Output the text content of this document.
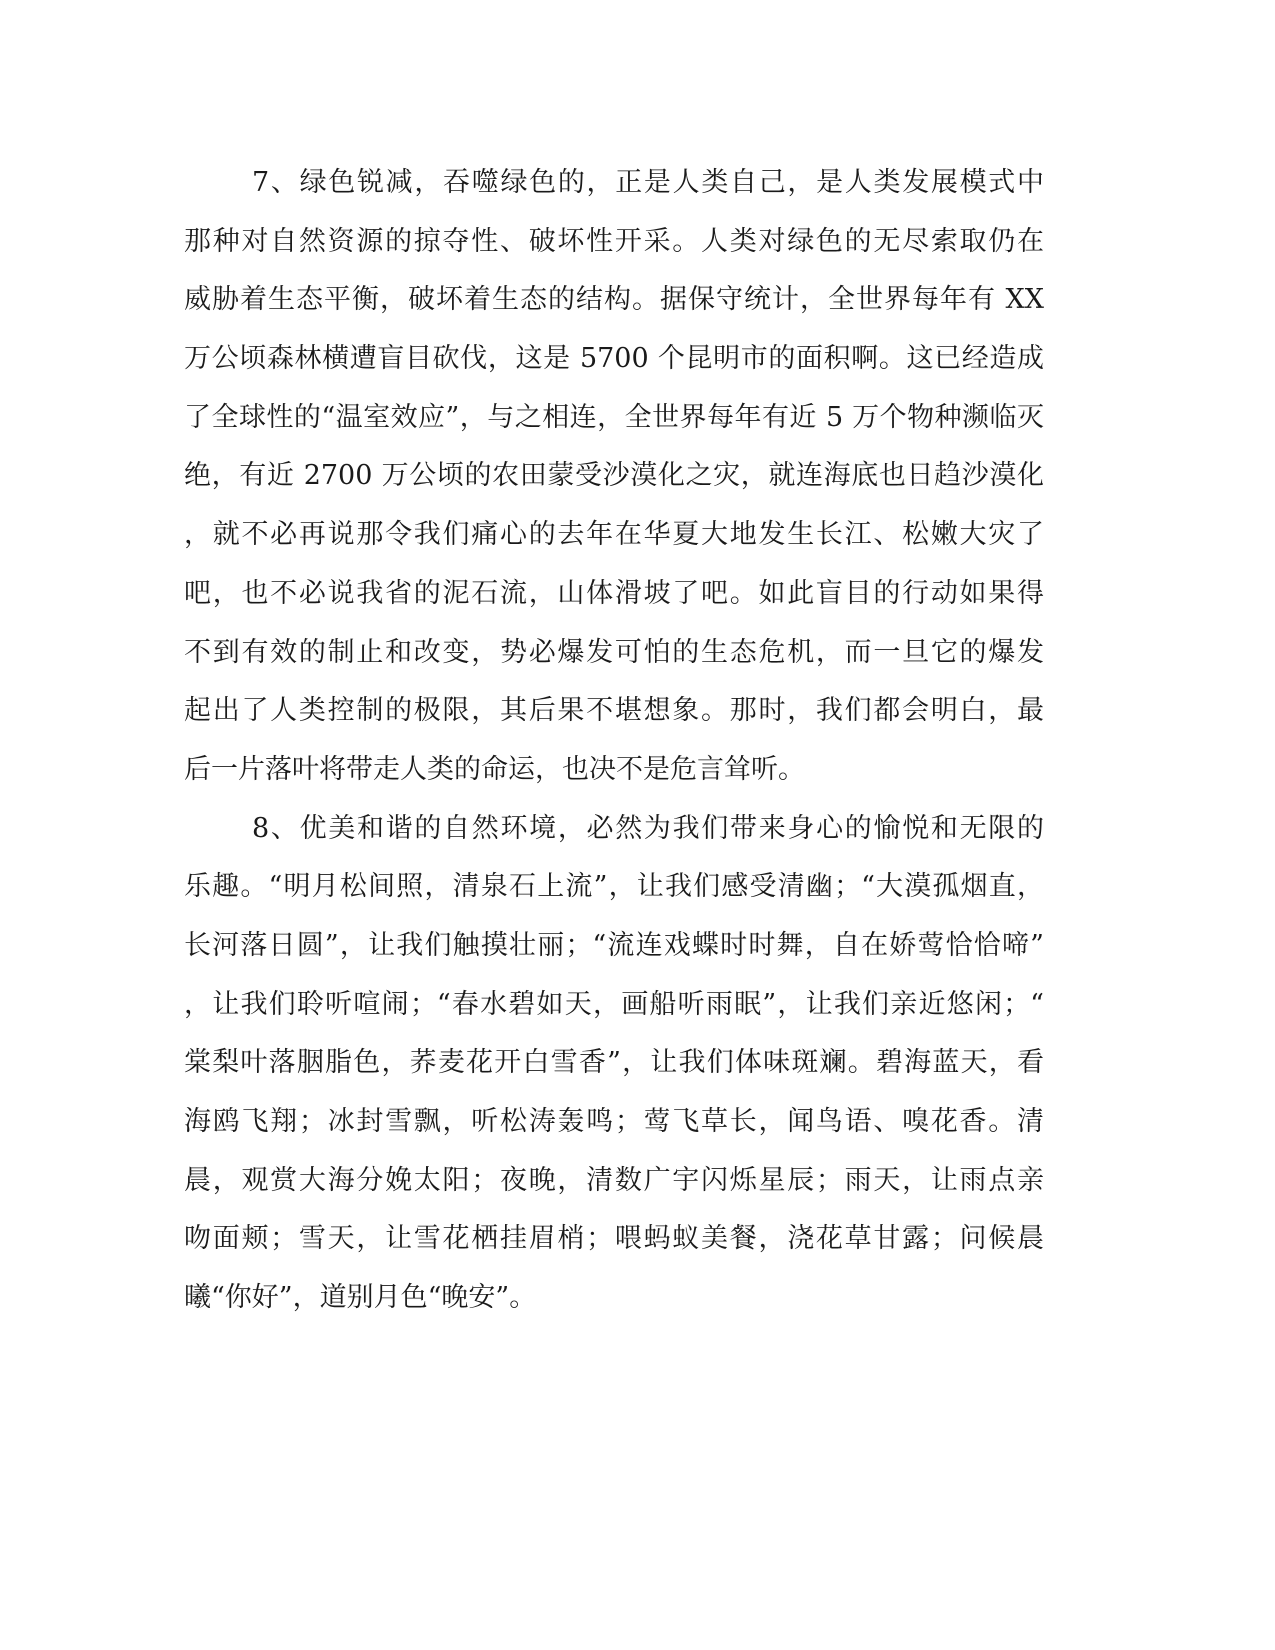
7、绿色锐减，吞噬绿色的，正是人类自己，是人类发展模式中
那种对自然资源的掠夺性、破坏性开采。人类对绿色的无尽索取仍在
威胁着生态平衡，破坏着生态的结构。据保守统计，全世界每年有 XX
万公顷森林横遭盲目砍伐，这是 5700 个昆明市的面积啊。这已经造成
了全球性的“温室效应”，与之相连，全世界每年有近 5 万个物种濒临灭
绝，有近 2700 万公顷的农田蒙受沙漠化之灾，就连海底也日趋沙漠化
，就不必再说那令我们痛心的去年在华夏大地发生长江、松嫩大灾了
吧，也不必说我省的泥石流，山体滑坡了吧。如此盲目的行动如果得
不到有效的制止和改变，势必爆发可怕的生态危机，而一旦它的爆发
起出了人类控制的极限，其后果不堪想象。那时，我们都会明白，最
后一片落叶将带走人类的命运，也决不是危言耸听。
8、优美和谐的自然环境，必然为我们带来身心的愉悦和无限的
乐趣。“明月松间照，清泉石上流”，让我们感受清幽；“大漠孤烟直，
长河落日圆”，让我们触摸壮丽；“流连戏蝶时时舞，自在娇莺恰恰啼”
，让我们聆听喧闹；“春水碧如天，画船听雨眠”，让我们亲近悠闲；“
棠梨叶落胭脂色，荞麦花开白雪香”，让我们体味斑斓。碧海蓝天，看
海鸥飞翔；冰封雪飘，听松涛轰鸣；莺飞草长，闻鸟语、嗅花香。清
晨，观赏大海分娩太阳；夜晚，清数广宇闪烁星辰；雨天，让雨点亲
吻面颊；雪天，让雪花栖挂眉梢；喂蚂蚁美餐，浇花草甘露；问候晨
曦“你好”，道别月色“晚安”。
